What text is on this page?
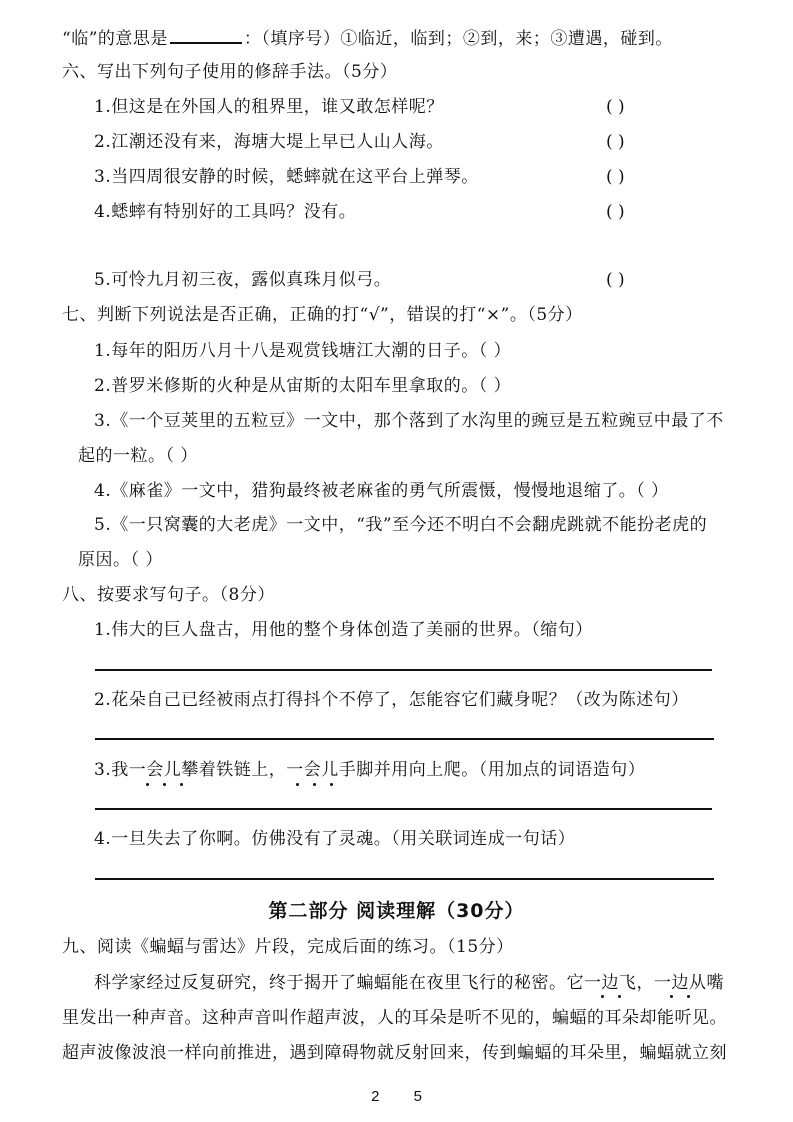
“临”的意思是	：（填序号）①临近，临到；②到，来；③遭遇，碰到。
六、写出下列句子使用的修辞手法。（5分）
1.但这是在外国人的租界里，谁又敢怎样呢？	( )
2.江潮还没有来，海塘大堤上早已人山人海。	( )
3.当四周很安静的时候，蟋蟀就在这平台上弹琴。	( )
4.蟋蟀有特别好的工具吗？没有。	( )
5.可怜九月初三夜，露似真珠月似弓。	( )
七、判断下列说法是否正确，正确的打“√”，错误的打“×”。（5分）
1.每年的阳历八月十八是观赏钱塘江大潮的日子。（ ）
2.普罗米修斯的火种是从宙斯的太阳车里拿取的。（ ）
3.《一个豆荚里的五粒豆》一文中，那个落到了水沟里的豌豆是五粒豌豆中最了不
起的一粒。（ ）
4.《麻雀》一文中，猎狗最终被老麻雀的勇气所震慑，慢慢地退缩了。（ ）
5.《一只窝囊的大老虎》一文中，“我”至今还不明白不会翻虎跳就不能扮老虎的
原因。（ ）
八、按要求写句子。（8分）
1.伟大的巨人盘古，用他的整个身体创造了美丽的世界。（缩句）
2.花朵自己已经被雨点打得抖个不停了，怎能容它们藏身呢？（改为陈述句）
3.我一会儿攀着铁链上，一会儿手脚并用向上爬。（用加点的词语造句）
4.一旦失去了你啊。仿佛没有了灵魂。（用关联词连成一句话）
第二部分 阅读理解（30分）
九、阅读《蝙蝠与雷达》片段，完成后面的练习。（15分）
科学家经过反复研究，终于揭开了蝙蝠能在夜里飞行的秘密。它一边飞，一边从嘴
里发出一种声音。这种声音叫作超声波，人的耳朵是听不见的，蝙蝠的耳朵却能听见。
超声波像波浪一样向前推进，遇到障碍物就反射回来，传到蝙蝠的耳朵里，蝙蝠就立刻
2 5
